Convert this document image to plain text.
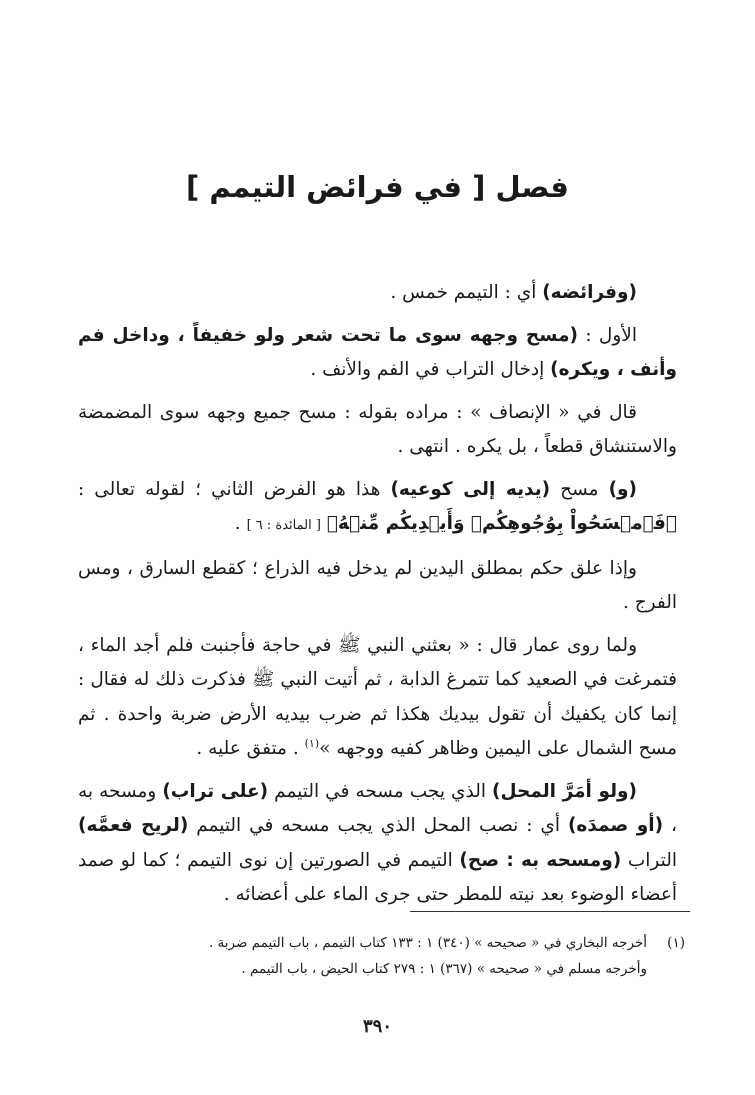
فصل [ في فرائض التيمم ]

(وفرائضه) أي : التيمم خمس .

الأول : (مسح وجهه سوى ما تحت شعر ولو خفيفاً ، وداخل فم وأنف ، ويكره) إدخال التراب في الفم والأنف .

قال في « الإنصاف » : مراده بقوله : مسح جميع وجهه سوى المضمضة والاستنشاق قطعاً ، بل يكره . انتهى .

(و) مسح (يديه إلى كوعيه) هذا هو الفرض الثاني ؛ لقوله تعالى : ﴿فَٱمۡسَحُواْ بِوُجُوهِكُمۡ وَأَيۡدِيكُم مِّنۡهُ﴾ [ المائدة : ٦ ] .

وإذا علق حكم بمطلق اليدين لم يدخل فيه الذراع ؛ كقطع السارق ، ومس الفرج .

ولما روى عمار قال : « بعثني النبي ﷺ في حاجة فأجنبت فلم أجد الماء ، فتمرغت في الصعيد كما تتمرغ الدابة ، ثم أتيت النبي ﷺ فذكرت ذلك له فقال : إنما كان يكفيك أن تقول بيديك هكذا ثم ضرب بيديه الأرض ضربة واحدة . ثم مسح الشمال على اليمين وظاهر كفيه ووجهه »$^{(١)}$ . متفق عليه .

(ولو أمَرَّ المحل) الذي يجب مسحه في التيمم (على تراب) ومسحه به ، (أو صمدَه) أي : نصب المحل الذي يجب مسحه في التيمم (لريح فعمَّه) التراب (ومسحه به : صح) التيمم في الصورتين إن نوى التيمم ؛ كما لو صمد أعضاء الوضوء بعد نيته للمطر حتى جرى الماء على أعضائه .

(١)
أخرجه البخاري في « صحيحه » (٣٤٠) ١ : ١٣٣ كتاب التيمم ، باب التيمم ضربة .
وأخرجه مسلم في « صحيحه » (٣٦٧) ١ : ٢٧٩ كتاب الحيض ، باب التيمم .
٣٩٠
